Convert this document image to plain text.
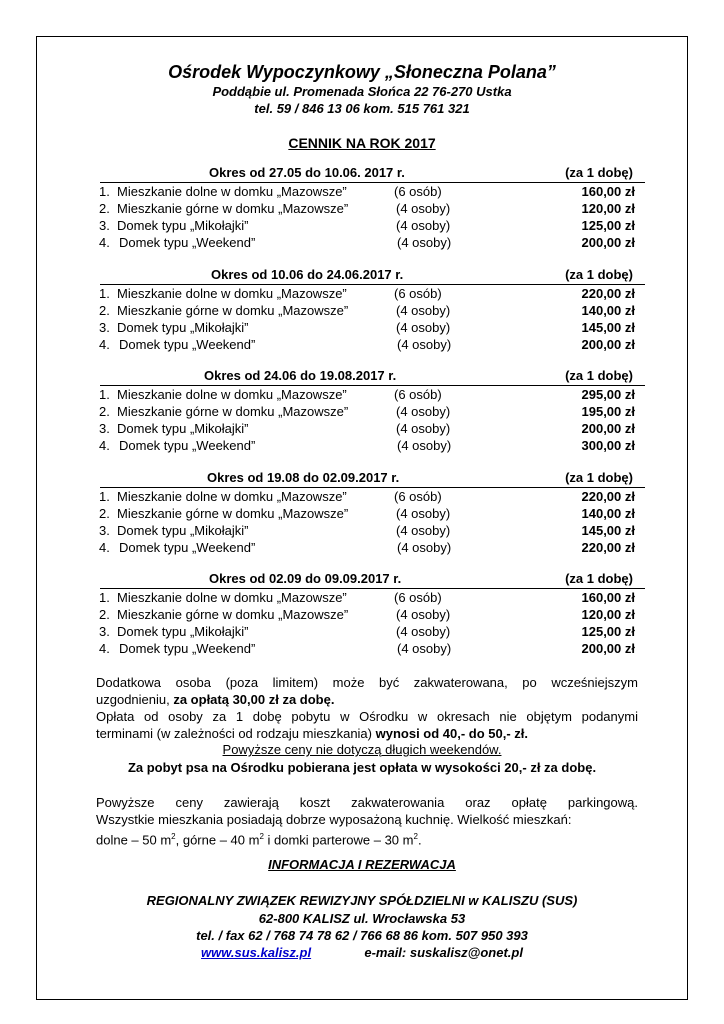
Ośrodek Wypoczynkowy „Słoneczna Polana”
Poddąbie ul. Promenada Słońca 22 76-270 Ustka
tel. 59 / 846 13 06 kom. 515 761 321
CENNIK NA ROK 2017
Okres od 27.05 do 10.06. 2017 r.	(za 1 dobę)
1. Mieszkanie dolne w domku „Mazowsze”	(6 osób)	160,00 zł
2. Mieszkanie górne w domku „Mazowsze”	(4 osoby)	120,00 zł
3. Domek typu „Mikołajki”	(4 osoby)	125,00 zł
4. Domek typu „Weekend”	(4 osoby)	200,00 zł
Okres od 10.06 do 24.06.2017 r.	(za 1 dobę)
1. Mieszkanie dolne w domku „Mazowsze”	(6 osób)	220,00 zł
2. Mieszkanie górne w domku „Mazowsze”	(4 osoby)	140,00 zł
3. Domek typu „Mikołajki”	(4 osoby)	145,00 zł
4. Domek typu „Weekend”	(4 osoby)	200,00 zł
Okres od 24.06 do 19.08.2017 r.	(za 1 dobę)
1. Mieszkanie dolne w domku „Mazowsze”	(6 osób)	295,00 zł
2. Mieszkanie górne w domku „Mazowsze”	(4 osoby)	195,00 zł
3. Domek typu „Mikołajki”	(4 osoby)	200,00 zł
4. Domek typu „Weekend”	(4 osoby)	300,00 zł
Okres od 19.08 do 02.09.2017 r.	(za 1 dobę)
1. Mieszkanie dolne w domku „Mazowsze”	(6 osób)	220,00 zł
2. Mieszkanie górne w domku „Mazowsze”	(4 osoby)	140,00 zł
3. Domek typu „Mikołajki”	(4 osoby)	145,00 zł
4. Domek typu „Weekend”	(4 osoby)	220,00 zł
Okres od 02.09 do 09.09.2017 r.	(za 1 dobę)
1. Mieszkanie dolne w domku „Mazowsze”	(6 osób)	160,00 zł
2. Mieszkanie górne w domku „Mazowsze”	(4 osoby)	120,00 zł
3. Domek typu „Mikołajki”	(4 osoby)	125,00 zł
4. Domek typu „Weekend”	(4 osoby)	200,00 zł
Dodatkowa osoba (poza limitem) może być zakwaterowana, po wcześniejszym
uzgodnieniu, za opłatą 30,00 zł za dobę.
Opłata od osoby za 1 dobę pobytu w Ośrodku w okresach nie objętym podanymi
terminami (w zależności od rodzaju mieszkania) wynosi od 40,- do 50,- zł.
Powyższe ceny nie dotyczą długich weekendów.
Za pobyt psa na Ośrodku pobierana jest opłata w wysokości 20,- zł za dobę.
Powyższe ceny zawierają koszt zakwaterowania oraz opłatę parkingową.
Wszystkie mieszkania posiadają dobrze wyposażoną kuchnię. Wielkość mieszkań:
dolne – 50 $m^2$, górne – 40 $m^2$ i domki parterowe – 30 $m^2$.
INFORMACJA I REZERWACJA
REGIONALNY ZWIĄZEK REWIZYJNY SPÓŁDZIELNI w KALISZU (SUS)
62-800 KALISZ ul. Wrocławska 53
tel. / fax 62 / 768 74 78 62 / 766 68 86 kom. 507 950 393
www.sus.kalisz.pl	e-mail: suskalisz@onet.pl
